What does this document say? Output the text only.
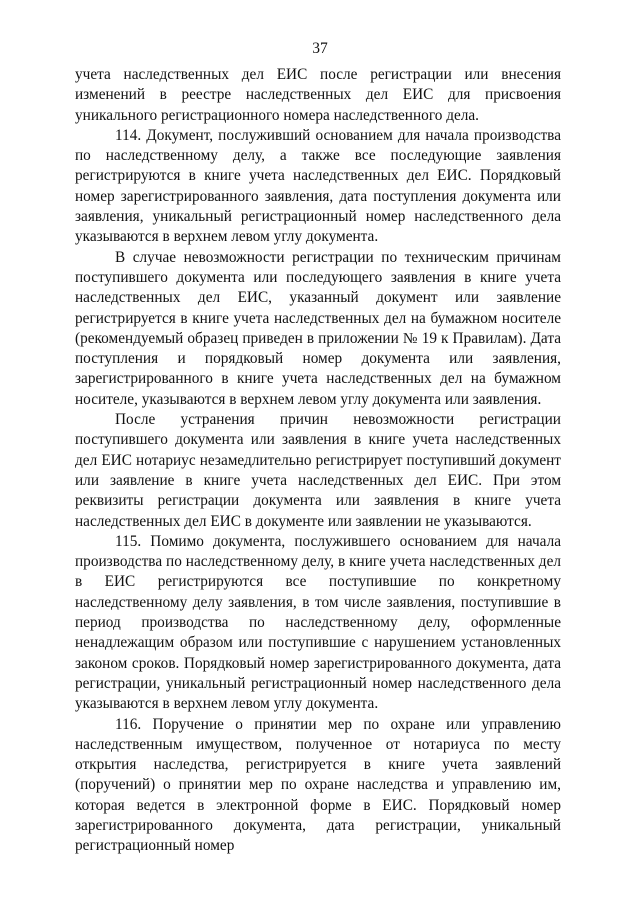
37

учета наследственных дел ЕИС после регистрации или внесения изменений в реестре наследственных дел ЕИС для присвоения уникального регистрационного номера наследственного дела.

114. Документ, послуживший основанием для начала производства по наследственному делу, а также все последующие заявления регистрируются в книге учета наследственных дел ЕИС. Порядковый номер зарегистрированного заявления, дата поступления документа или заявления, уникальный регистрационный номер наследственного дела указываются в верхнем левом углу документа.

В случае невозможности регистрации по техническим причинам поступившего документа или последующего заявления в книге учета наследственных дел ЕИС, указанный документ или заявление регистрируется в книге учета наследственных дел на бумажном носителе (рекомендуемый образец приведен в приложении № 19 к Правилам). Дата поступления и порядковый номер документа или заявления, зарегистрированного в книге учета наследственных дел на бумажном носителе, указываются в верхнем левом углу документа или заявления.

После устранения причин невозможности регистрации поступившего документа или заявления в книге учета наследственных дел ЕИС нотариус незамедлительно регистрирует поступивший документ или заявление в книге учета наследственных дел ЕИС. При этом реквизиты регистрации документа или заявления в книге учета наследственных дел ЕИС в документе или заявлении не указываются.

115. Помимо документа, послужившего основанием для начала производства по наследственному делу, в книге учета наследственных дел в ЕИС регистрируются все поступившие по конкретному наследственному делу заявления, в том числе заявления, поступившие в период производства по наследственному делу, оформленные ненадлежащим образом или поступившие с нарушением установленных законом сроков. Порядковый номер зарегистрированного документа, дата регистрации, уникальный регистрационный номер наследственного дела указываются в верхнем левом углу документа.

116. Поручение о принятии мер по охране или управлению наследственным имуществом, полученное от нотариуса по месту открытия наследства, регистрируется в книге учета заявлений (поручений) о принятии мер по охране наследства и управлению им, которая ведется в электронной форме в ЕИС. Порядковый номер зарегистрированного документа, дата регистрации, уникальный регистрационный номер
